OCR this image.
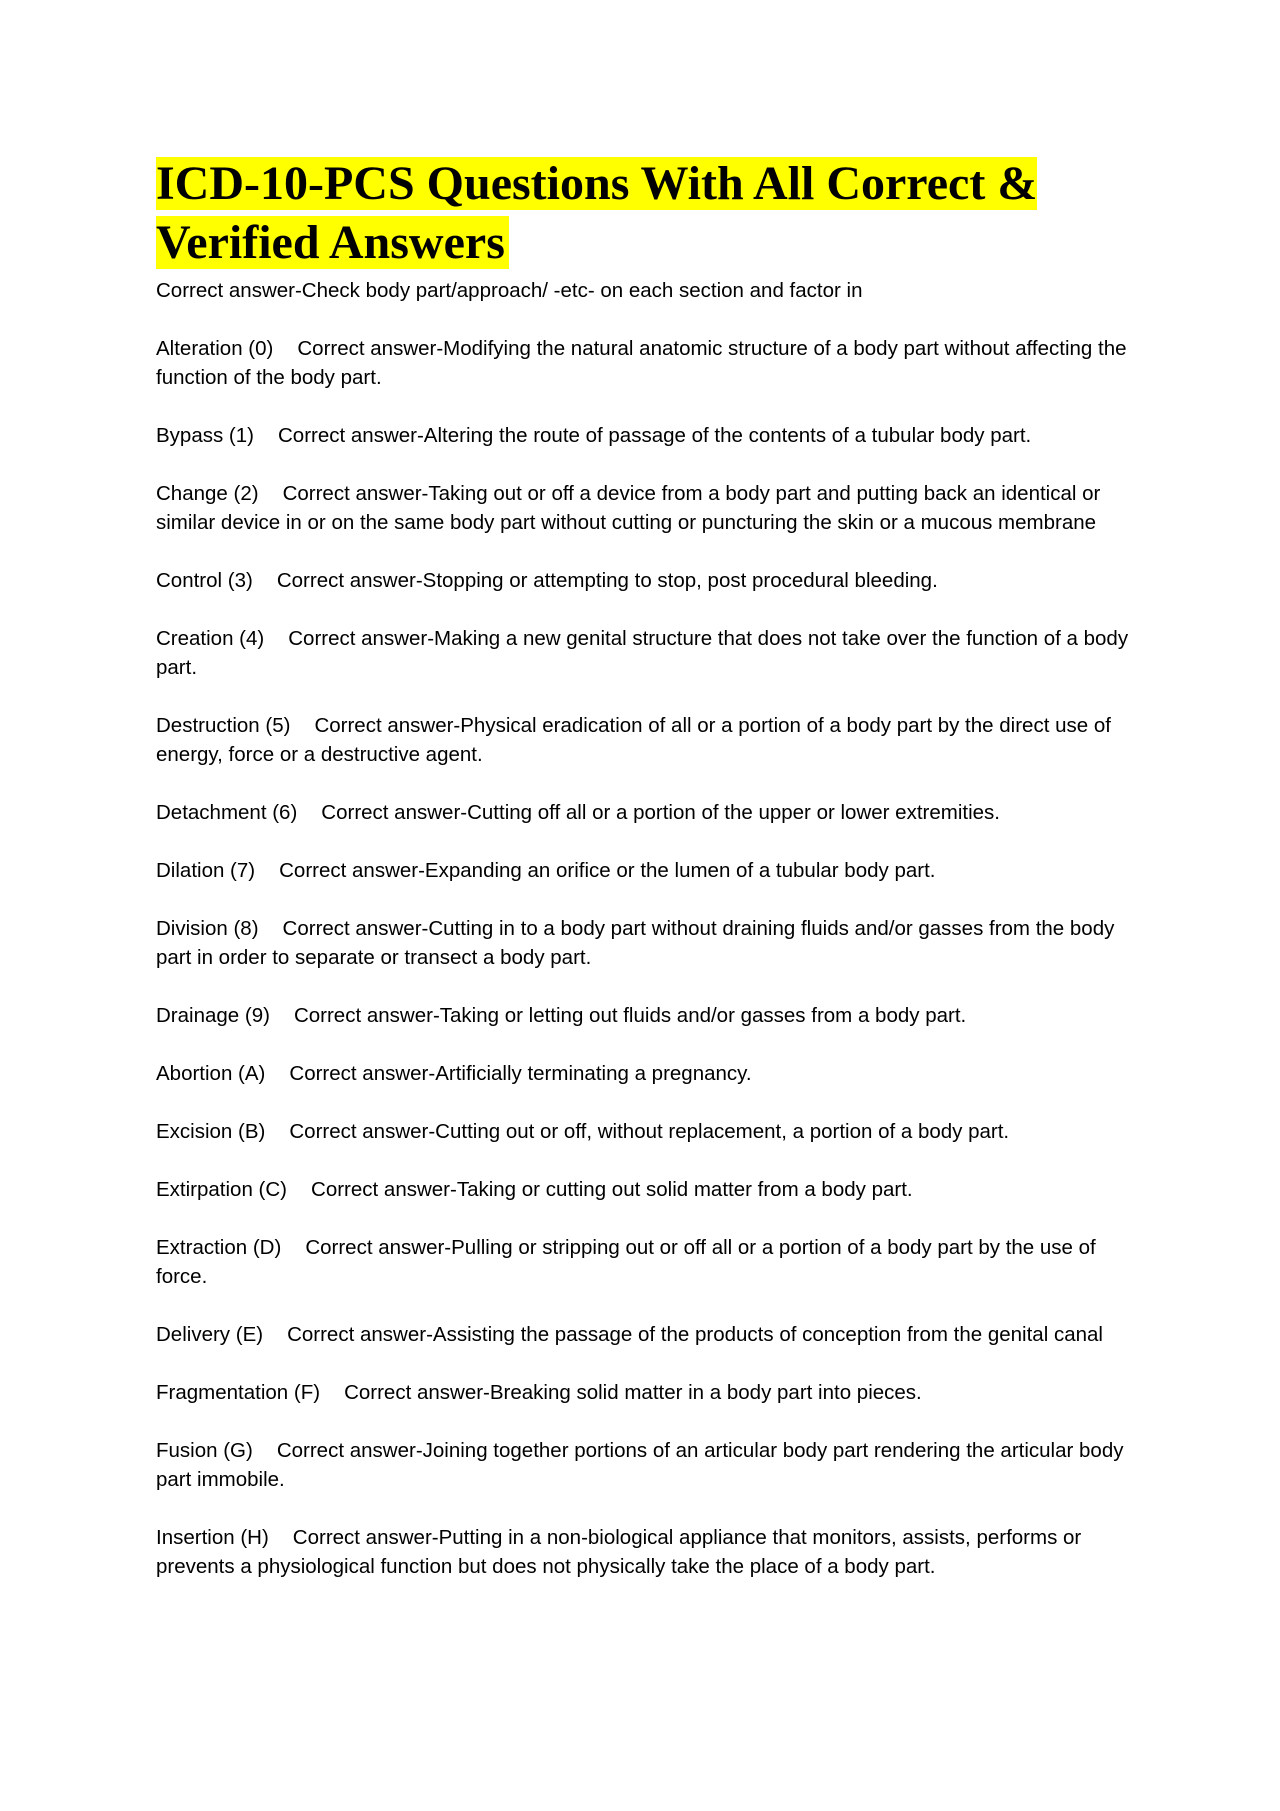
ICD-10-PCS Questions With All Correct & Verified Answers

Correct answer-Check body part/approach/ -etc- on each section and factor in

Alteration (0) Correct answer-Modifying the natural anatomic structure of a body part without affecting the function of the body part.

Bypass (1) Correct answer-Altering the route of passage of the contents of a tubular body part.

Change (2) Correct answer-Taking out or off a device from a body part and putting back an identical or similar device in or on the same body part without cutting or puncturing the skin or a mucous membrane

Control (3) Correct answer-Stopping or attempting to stop, post procedural bleeding.

Creation (4) Correct answer-Making a new genital structure that does not take over the function of a body part.

Destruction (5) Correct answer-Physical eradication of all or a portion of a body part by the direct use of energy, force or a destructive agent.

Detachment (6) Correct answer-Cutting off all or a portion of the upper or lower extremities.

Dilation (7) Correct answer-Expanding an orifice or the lumen of a tubular body part.

Division (8) Correct answer-Cutting in to a body part without draining fluids and/or gasses from the body part in order to separate or transect a body part.

Drainage (9) Correct answer-Taking or letting out fluids and/or gasses from a body part.

Abortion (A) Correct answer-Artificially terminating a pregnancy.

Excision (B) Correct answer-Cutting out or off, without replacement, a portion of a body part.

Extirpation (C) Correct answer-Taking or cutting out solid matter from a body part.

Extraction (D) Correct answer-Pulling or stripping out or off all or a portion of a body part by the use of force.

Delivery (E) Correct answer-Assisting the passage of the products of conception from the genital canal

Fragmentation (F) Correct answer-Breaking solid matter in a body part into pieces.

Fusion (G) Correct answer-Joining together portions of an articular body part rendering the articular body part immobile.

Insertion (H) Correct answer-Putting in a non-biological appliance that monitors, assists, performs or prevents a physiological function but does not physically take the place of a body part.
